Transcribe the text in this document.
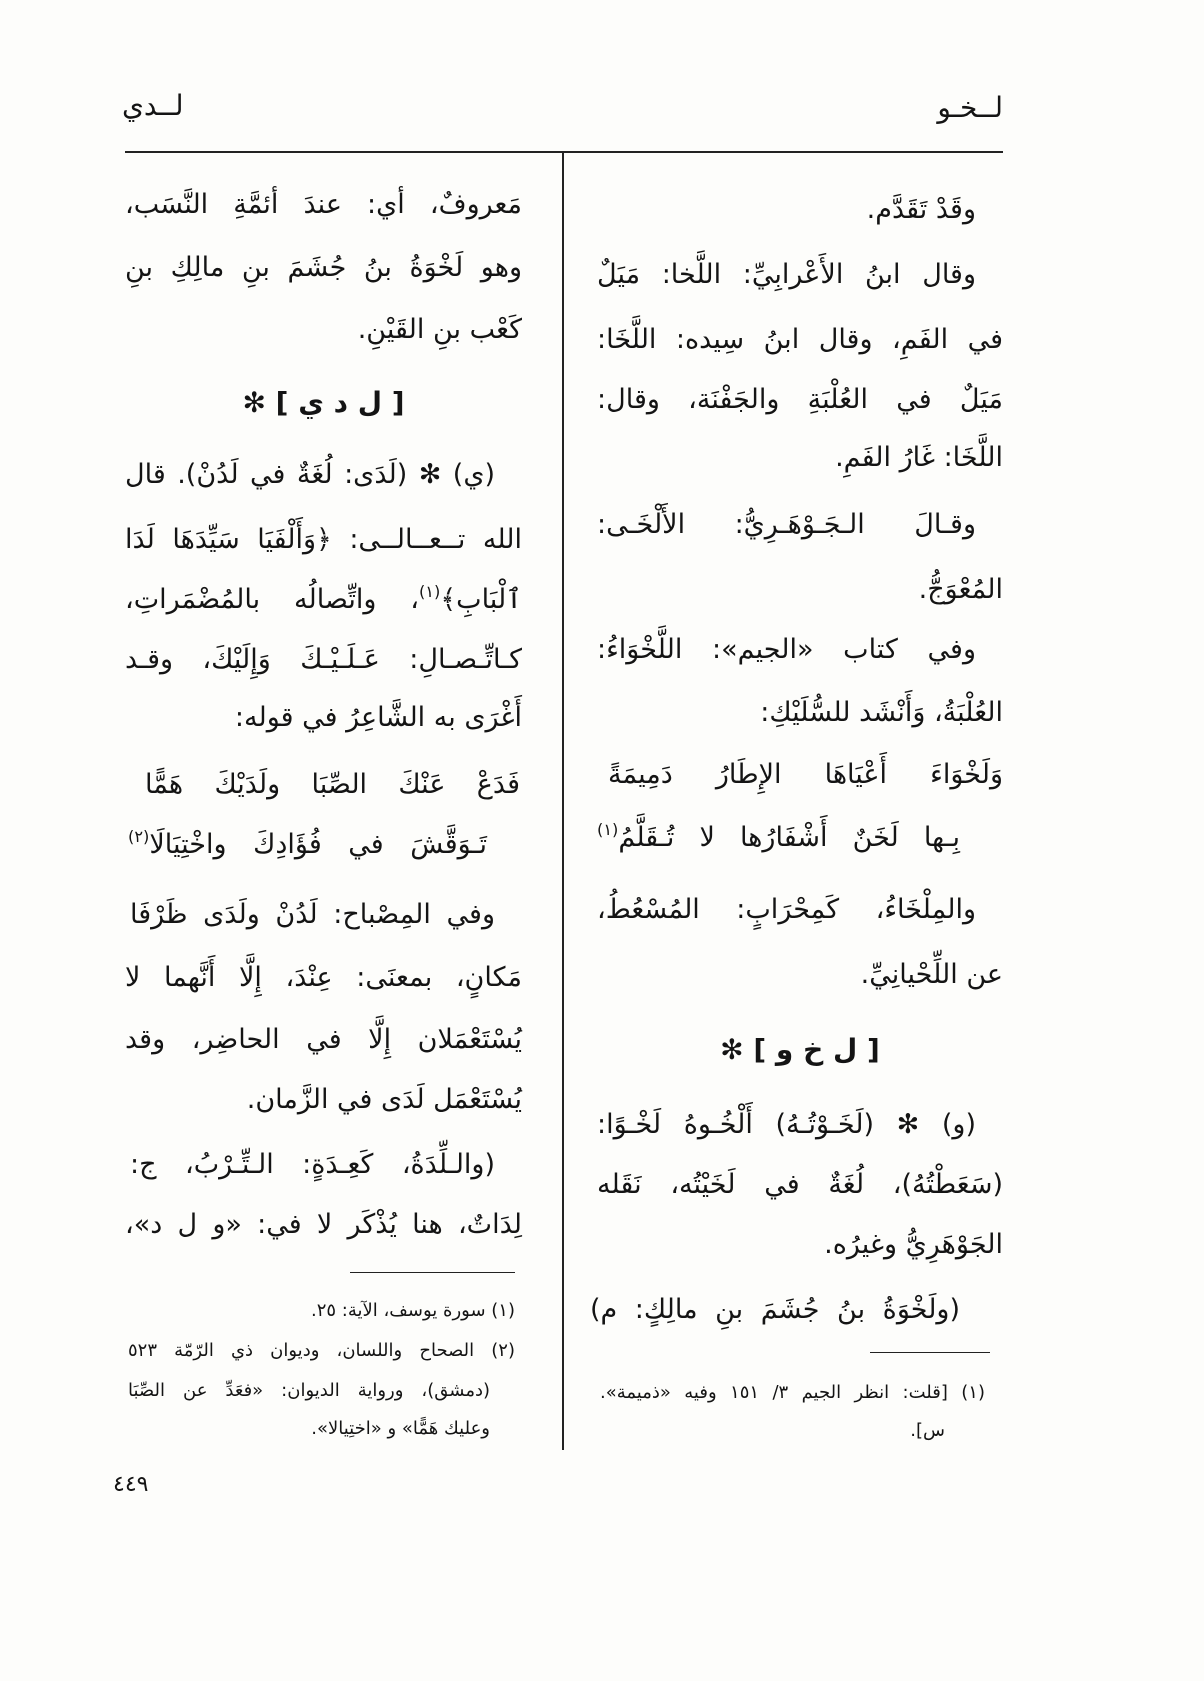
لــخـو
لــدي
وقَدْ تَقَدَّم.
وقال ابنُ الأَعْرابِيِّ: اللَّخا: مَيَلٌ
في الفَمِ، وقال ابنُ سِيده: اللَّخَا:
مَيَلٌ في العُلْبَةِ والجَفْنَة، وقال:
اللَّخَا: غَارُ الفَمِ.
وقـالَ الـجَـوْهَـرِيُّ: الأَلْخَـى:
المُعْوَجُّ.
وفي كتاب «الجيم»: اللَّخْوَاءُ:
العُلْبَةُ، وَأَنْشَد للسُّلَيْكِ:
وَلَخْوَاءَ أَعْيَاهَا الإِطَارُ دَمِيمَةً
بِـها لَخَنٌ أَشْفَارُها لا تُـقَلَّمُ$^{(١)}$
والمِلْخَاءُ، كَمِحْرَابٍ: المُسْعُطُ،
عن اللِّحْيانِيِّ.
[ ل خ و ] ✻
(و) ✻ (لَخَـوْتُـهُ) أَلْخُـوهُ لَخْـوًا:
(سَعَطْتُهُ)، لُغَةٌ في لَخَيْتُه، نَقَله
الجَوْهَرِيُّ وغيرُه.
(ولَخْوَةُ بنُ جُشَمَ بنِ مالِكٍ: م)
(١) [قلت: انظر الجيم ٣/ ١٥١ وفيه «ذميمة».
س].
مَعروفٌ، أي: عندَ أئمَّةِ النَّسَب،
وهو لَخْوَةُ بنُ جُشَمَ بنِ مالِكِ بنِ
كَعْب بنِ القَيْنِ.
[ ل د ي ] ✻
(ي) ✻ (لَدَى: لُغَةٌ في لَدُنْ). قال
الله تــعــالــى: ﴿وَأَلْفَيَا سَيِّدَهَا لَدَا
ٱلْبَابِ﴾$^{(١)}$، واتِّصالُه بالمُضْمَراتِ،
كـاتِّـصـالِ: عَـلَـيْـكَ وَإِلَيْكَ، وقـد
أَغْرَى به الشَّاعِرُ في قوله:
فَدَعْ عَنْكَ الصِّبَا ولَدَيْكَ هَمًّا
تَـوَقَّشَ في فُؤَادِكَ واخْتِيَالَا$^{(٢)}$
وفي المِصْباح: لَدُنْ ولَدَى ظَرْفَا
مَكانٍ، بمعنَى: عِنْدَ، إِلَّا أَنَّهما لا
يُسْتَعْمَلان إِلَّا في الحاضِر، وقد
يُسْتَعْمَل لَدَى في الزَّمان.
(والـلِّدَةُ، كَعِـدَةٍ: الـتِّـرْبُ، ج:
لِدَاتٌ، هنا يُذْكَر لا في: «و ل د»،
(١) سورة يوسف، الآية: ٢٥.
(٢) الصحاح واللسان، وديوان ذي الرّمّة ٥٢٣
(دمشق)، ورواية الديوان: «فعَدِّ عن الصِّبَا
وعليك هَمًّا» و «اختِيالا».
٤٤٩
